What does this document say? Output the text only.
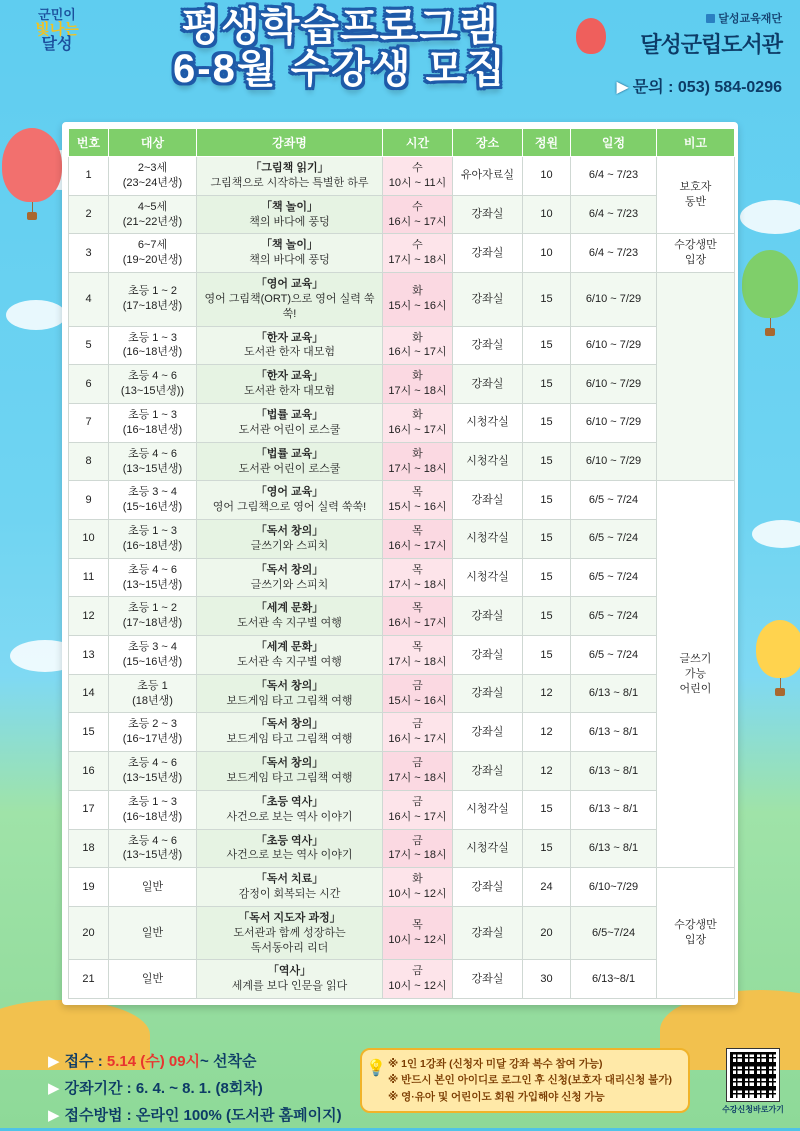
군민이
빛나는
달성	평생학습프로그램
6-8월 수강생 모집
달성교육재단
달성군립도서관
▶ 문의 : 053) 584-0296
번호	대상	강좌명	시간	장소	정원	일정	비고
1	2~3세
(23~24년생)	「그림책 읽기」
그림책으로 시작하는 특별한 하루	수
10시 ~ 11시	유아자료실	10	6/4 ~ 7/23	보호자
동반

2	4~5세
(21~22년생)	「책 놀이」
책의 바다에 풍덩	수
16시 ~ 17시	강좌실	10	6/4 ~ 7/23	
3	6~7세
(19~20년생)	「책 놀이」
책의 바다에 풍덩	수
17시 ~ 18시	강좌실	10	6/4 ~ 7/23	수강생만
입장

4	초등 1 ~ 2
(17~18년생)	「영어 교육」
영어 그림책(ORT)으로 영어 실력 쑥쑥!	화
15시 ~ 16시	강좌실	15	6/10 ~ 7/29	
5	초등 1 ~ 3
(16~18년생)	「한자 교육」
도서관 한자 대모험	화
16시 ~ 17시	강좌실	15	6/10 ~ 7/29	
6	초등 4 ~ 6
(13~15년생))	「한자 교육」
도서관 한자 대모험	화
17시 ~ 18시	강좌실	15	6/10 ~ 7/29	
7	초등 1 ~ 3
(16~18년생)	「법률 교육」
도서관 어린이 로스쿨	화
16시 ~ 17시	시청각실	15	6/10 ~ 7/29	
8	초등 4 ~ 6
(13~15년생)	「법률 교육」
도서관 어린이 로스쿨	화
17시 ~ 18시	시청각실	15	6/10 ~ 7/29	
9	초등 3 ~ 4
(15~16년생)	「영어 교육」
영어 그림책으로 영어 실력 쑥쑥!	목
15시 ~ 16시	강좌실	15	6/5 ~ 7/24	글쓰기
가능
어린이

10	초등 1 ~ 3
(16~18년생)	「독서 창의」
글쓰기와 스피치	목
16시 ~ 17시	시청각실	15	6/5 ~ 7/24	
11	초등 4 ~ 6
(13~15년생)	「독서 창의」
글쓰기와 스피치	목
17시 ~ 18시	시청각실	15	6/5 ~ 7/24	
12	초등 1 ~ 2
(17~18년생)	「세계 문화」
도서관 속 지구별 여행	목
16시 ~ 17시	강좌실	15	6/5 ~ 7/24	
13	초등 3 ~ 4
(15~16년생)	「세계 문화」
도서관 속 지구별 여행	목
17시 ~ 18시	강좌실	15	6/5 ~ 7/24	
14	초등 1
(18년생)	「독서 창의」
보드게임 타고 그림책 여행	금
15시 ~ 16시	강좌실	12	6/13 ~ 8/1	
15	초등 2 ~ 3
(16~17년생)	「독서 창의」
보드게임 타고 그림책 여행	금
16시 ~ 17시	강좌실	12	6/13 ~ 8/1	
16	초등 4 ~ 6
(13~15년생)	「독서 창의」
보드게임 타고 그림책 여행	금
17시 ~ 18시	강좌실	12	6/13 ~ 8/1	
17	초등 1 ~ 3
(16~18년생)	「초등 역사」
사건으로 보는 역사 이야기	금
16시 ~ 17시	시청각실	15	6/13 ~ 8/1	
18	초등 4 ~ 6
(13~15년생)	「초등 역사」
사건으로 보는 역사 이야기	금
17시 ~ 18시	시청각실	15	6/13 ~ 8/1	
19	일반	「독서 치료」
감정이 회복되는 시간	화
10시 ~ 12시	강좌실	24	6/10~7/29	수강생만
입장

20	일반	「독서 지도자 과정」
도서관과 함께 성장하는
독서동아리 리더	목
10시 ~ 12시	강좌실	20	6/5~7/24	
21	일반	「역사」
세계를 보다 인문을 읽다	금
10시 ~ 12시	강좌실	30	6/13~8/1	
▶ 접수 : 5.14 (수) 09시~ 선착순
▶ 강좌기간 : 6. 4. ~ 8. 1. (8회차)
▶ 접수방법 : 온라인 100% (도서관 홈페이지)
💡 ※ 1인 1강좌 (신청자 미달 강좌 복수 참여 가능)
※ 반드시 본인 아이디로 로그인 후 신청(보호자 대리신청 불가)
※ 영·유아 및 어린이도 회원 가입해야 신청 가능
수강신청바로가기
